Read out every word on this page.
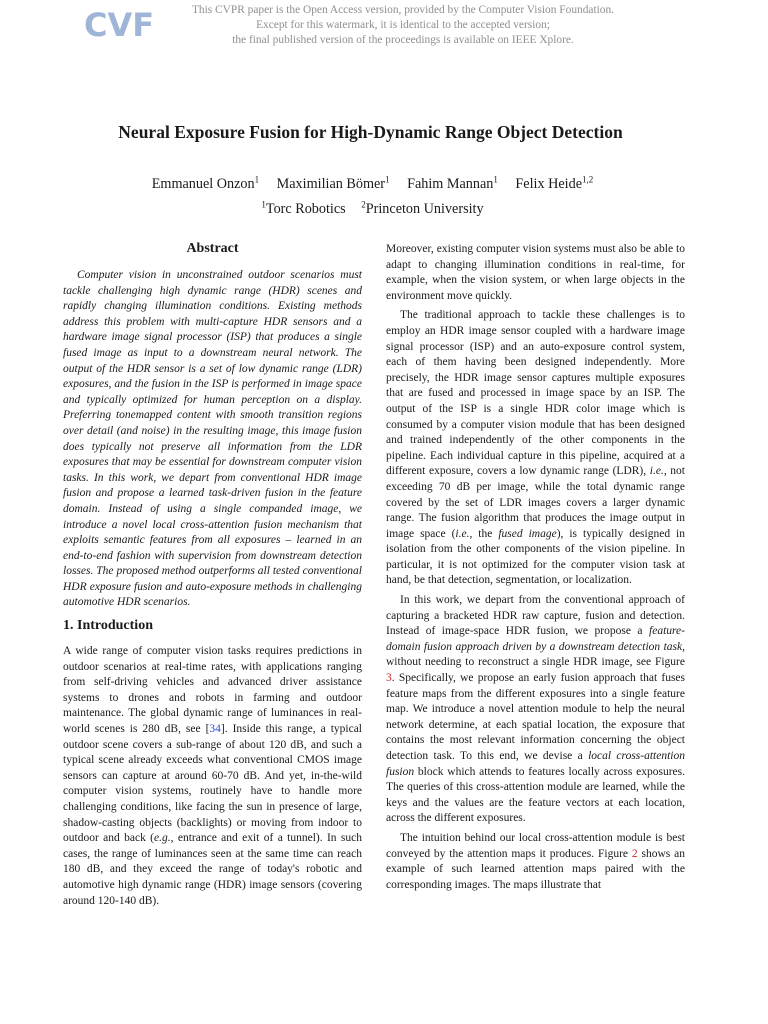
CVF	This CVPR paper is the Open Access version, provided by the Computer Vision Foundation.
Except for this watermark, it is identical to the accepted version;
the final published version of the proceedings is available on IEEE Xplore.
Neural Exposure Fusion for High-Dynamic Range Object Detection
Emmanuel Onzon$^1$ Maximilian Bömer$^1$ Fahim Mannan$^1$ Felix Heide$^{1,2}$
$^1$Torc Robotics $^2$Princeton University
Abstract

Computer vision in unconstrained outdoor scenarios must tackle challenging high dynamic range (HDR) scenes and rapidly changing illumination conditions. Existing methods address this problem with multi-capture HDR sensors and a hardware image signal processor (ISP) that produces a single fused image as input to a downstream neural network. The output of the HDR sensor is a set of low dynamic range (LDR) exposures, and the fusion in the ISP is performed in image space and typically optimized for human perception on a display. Preferring tonemapped content with smooth transition regions over detail (and noise) in the resulting image, this image fusion does typically not preserve all information from the LDR exposures that may be essential for downstream computer vision tasks. In this work, we depart from conventional HDR image fusion and propose a learned task-driven fusion in the feature domain. Instead of using a single companded image, we introduce a novel local cross-attention fusion mechanism that exploits semantic features from all exposures – learned in an end-to-end fashion with supervision from downstream detection losses. The proposed method outperforms all tested conventional HDR exposure fusion and auto-exposure methods in challenging automotive HDR scenarios.

1. Introduction

A wide range of computer vision tasks requires predictions in outdoor scenarios at real-time rates, with applications ranging from self-driving vehicles and advanced driver assistance systems to drones and robots in farming and outdoor maintenance. The global dynamic range of luminances in real-world scenes is 280 dB, see [34]. Inside this range, a typical outdoor scene covers a sub-range of about 120 dB, and such a typical scene already exceeds what conventional CMOS image sensors can capture at around 60-70 dB. And yet, in-the-wild computer vision systems, routinely have to handle more challenging conditions, like facing the sun in presence of large, shadow-casting objects (backlights) or moving from indoor to outdoor and back (e.g., entrance and exit of a tunnel). In such cases, the range of luminances seen at the same time can reach 180 dB, and they exceed the range of today's robotic and automotive high dynamic range (HDR) image sensors (covering around 120-140 dB).

Moreover, existing computer vision systems must also be able to adapt to changing illumination conditions in real-time, for example, when the vision system, or when large objects in the environment move quickly.

The traditional approach to tackle these challenges is to employ an HDR image sensor coupled with a hardware image signal processor (ISP) and an auto-exposure control system, each of them having been designed independently. More precisely, the HDR image sensor captures multiple exposures that are fused and processed in image space by an ISP. The output of the ISP is a single HDR color image which is consumed by a computer vision module that has been designed and trained independently of the other components in the pipeline. Each individual capture in this pipeline, acquired at a different exposure, covers a low dynamic range (LDR), i.e., not exceeding 70 dB per image, while the total dynamic range covered by the set of LDR images covers a larger dynamic range. The fusion algorithm that produces the image output in image space (i.e., the fused image), is typically designed in isolation from the other components of the vision pipeline. In particular, it is not optimized for the computer vision task at hand, be that detection, segmentation, or localization.

In this work, we depart from the conventional approach of capturing a bracketed HDR raw capture, fusion and detection. Instead of image-space HDR fusion, we propose a feature-domain fusion approach driven by a downstream detection task, without needing to reconstruct a single HDR image, see Figure 3. Specifically, we propose an early fusion approach that fuses feature maps from the different exposures into a single feature map. We introduce a novel attention module to help the neural network determine, at each spatial location, the exposure that contains the most relevant information concerning the object detection task. To this end, we devise a local cross-attention fusion block which attends to features locally across exposures. The queries of this cross-attention module are learned, while the keys and the values are the feature vectors at each location, across the different exposures.

The intuition behind our local cross-attention module is best conveyed by the attention maps it produces. Figure 2 shows an example of such learned attention maps paired with the corresponding images. The maps illustrate that
